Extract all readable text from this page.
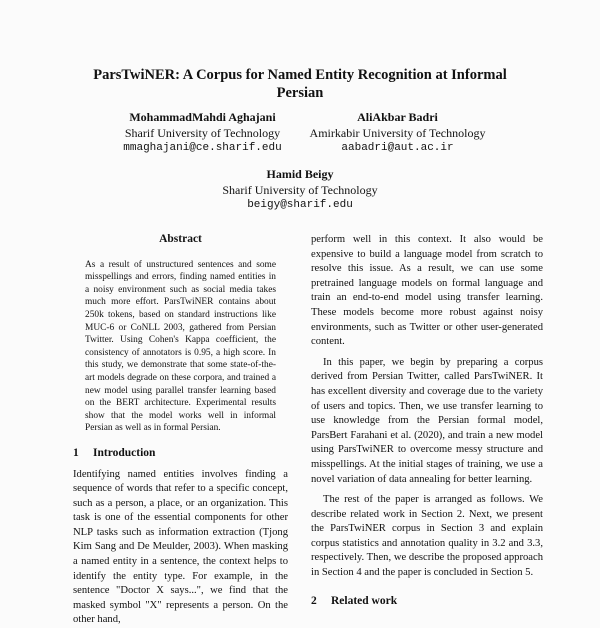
ParsTwiNER: A Corpus for Named Entity Recognition at Informal Persian
MohammadMahdi Aghajani
Sharif University of Technology
mmaghajani@ce.sharif.edu
AliAkbar Badri
Amirkabir University of Technology
aabadri@aut.ac.ir
Hamid Beigy
Sharif University of Technology
beigy@sharif.edu
Abstract
As a result of unstructured sentences and some misspellings and errors, finding named entities in a noisy environment such as social media takes much more effort. ParsTwiNER contains about 250k tokens, based on standard instructions like MUC-6 or CoNLL 2003, gathered from Persian Twitter. Using Cohen's Kappa coefficient, the consistency of annotators is 0.95, a high score. In this study, we demonstrate that some state-of-the-art models degrade on these corpora, and trained a new model using parallel transfer learning based on the BERT architecture. Experimental results show that the model works well in informal Persian as well as in formal Persian.
1 Introduction

Identifying named entities involves finding a sequence of words that refer to a specific concept, such as a person, a place, or an organization. This task is one of the essential components for other NLP tasks such as information extraction (Tjong Kim Sang and De Meulder, 2003). When masking a named entity in a sentence, the context helps to identify the entity type. For example, in the sentence "Doctor X says...", we find that the masked symbol "X" represents a person. On the other hand,

perform well in this context. It also would be expensive to build a language model from scratch to resolve this issue. As a result, we can use some pretrained language models on formal language and train an end-to-end model using transfer learning. These models become more robust against noisy environments, such as Twitter or other user-generated content.

In this paper, we begin by preparing a corpus derived from Persian Twitter, called ParsTwiNER. It has excellent diversity and coverage due to the variety of users and topics. Then, we use transfer learning to use knowledge from the Persian formal model, ParsBert Farahani et al. (2020), and train a new model using ParsTwiNER to overcome messy structure and misspellings. At the initial stages of training, we use a novel variation of data annealing for better learning.

The rest of the paper is arranged as follows. We describe related work in Section 2. Next, we present the ParsTwiNER corpus in Section 3 and explain corpus statistics and annotation quality in 3.2 and 3.3, respectively. Then, we describe the proposed approach in Section 4 and the paper is concluded in Section 5.

2 Related work
